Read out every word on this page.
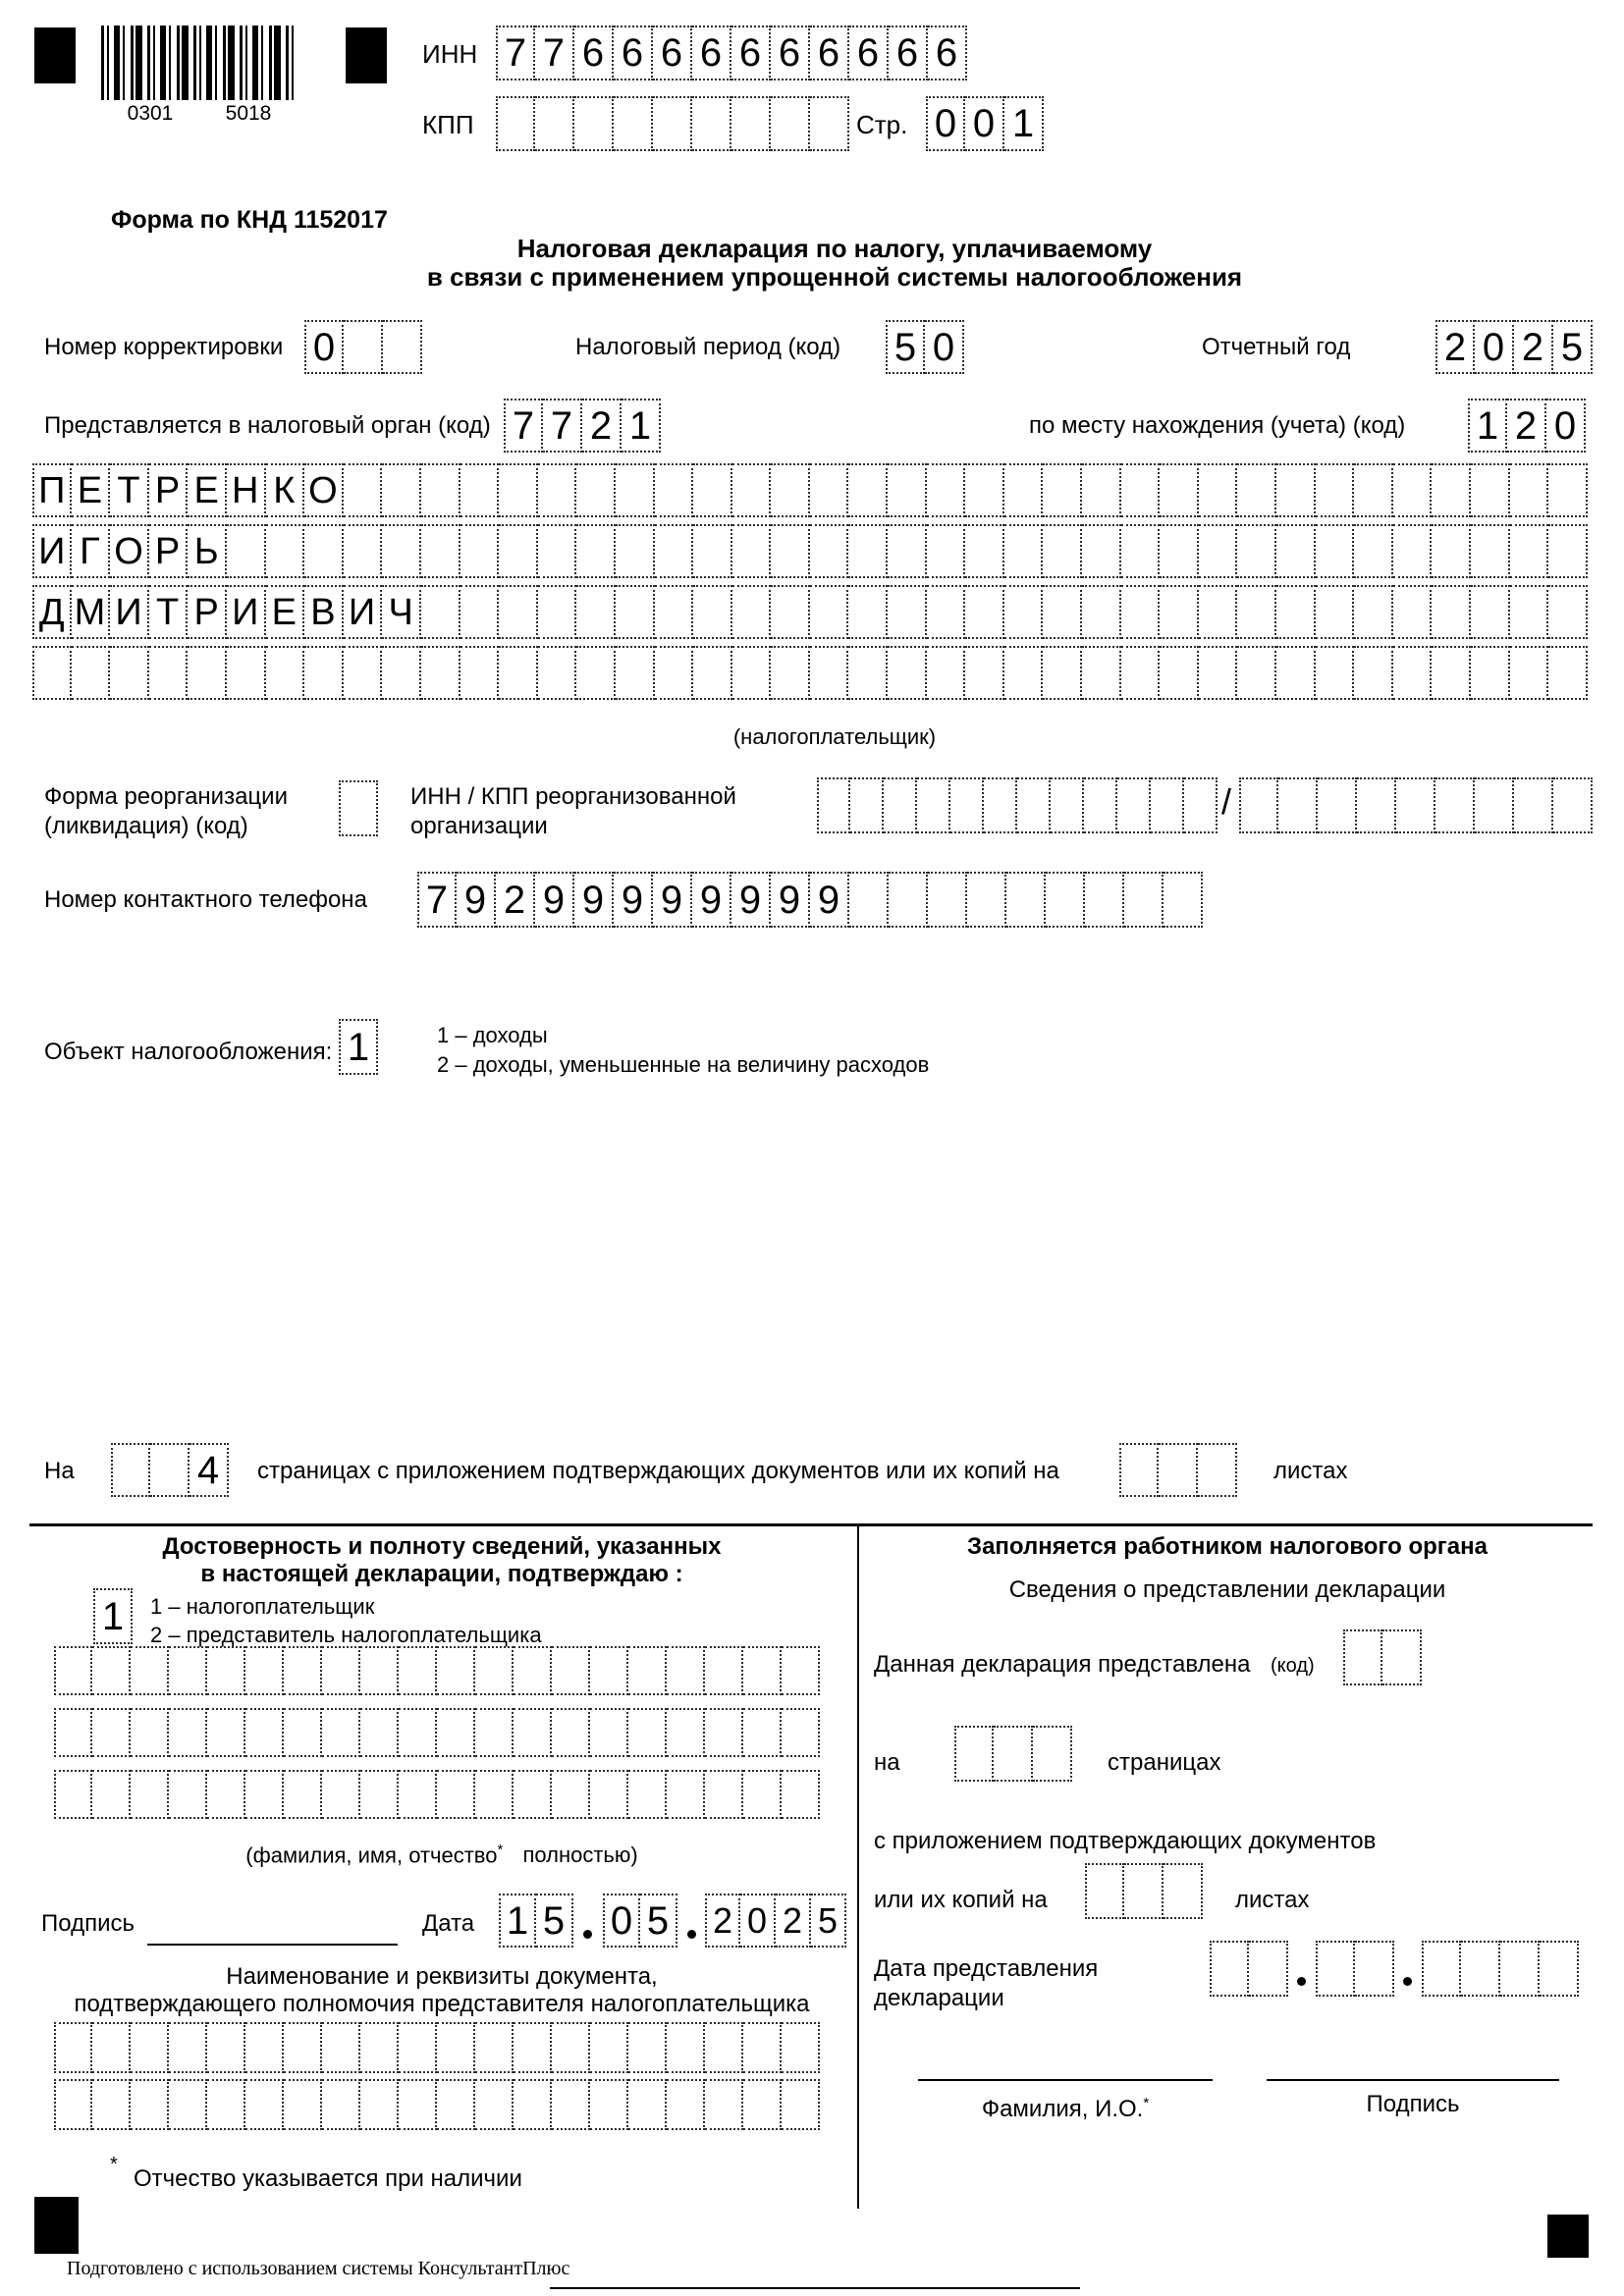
0301	5018
ИНН 7 7 6 6 6 6 6 6 6 6 6 6
КПП	Стр. 0 0 1
Форма по КНД 1152017
Налоговая декларация по налогу, уплачиваемому
в связи с применением упрощенной системы налогообложения
Номер корректировки 0	Налоговый период (код) 5 0	Отчетный год 2 0 2 5
Представляется в налоговый орган (код) 7 7 2 1	по месту нахождения (учета) (код) 1 2 0
П Е Т Р Е Н К О
И Г О Р Ь
Д М И Т Р И Е В И Ч
(налогоплательщик)
Форма реорганизации
(ликвидация) (код)
ИНН / КПП реорганизованной
организации
/
Номер контактного телефона 7 9 2 9 9 9 9 9 9 9 9
Объект налогообложения: 1	1 – доходы
2 – доходы, уменьшенные на величину расходов
На	4	страницах с приложением подтверждающих документов или их копий на	листах
Достоверность и полноту сведений, указанных
в настоящей декларации, подтверждаю :
1	1 – налогоплательщик
2 – представитель налогоплательщика
(фамилия, имя, отчество* полностью)
Подпись	Дата 1 5 0 5 2 0 2 5
Наименование и реквизиты документа,
подтверждающего полномочия представителя налогоплательщика
Заполняется работником налогового органа
Сведения о представлении декларации
Данная декларация представлена (код)
на	страницах
с приложением подтверждающих документов
или их копий на	листах
Дата представления
декларации
Фамилия, И.О.*	Подпись
*
Отчество указывается при наличии
Подготовлено с использованием системы КонсультантПлюс
